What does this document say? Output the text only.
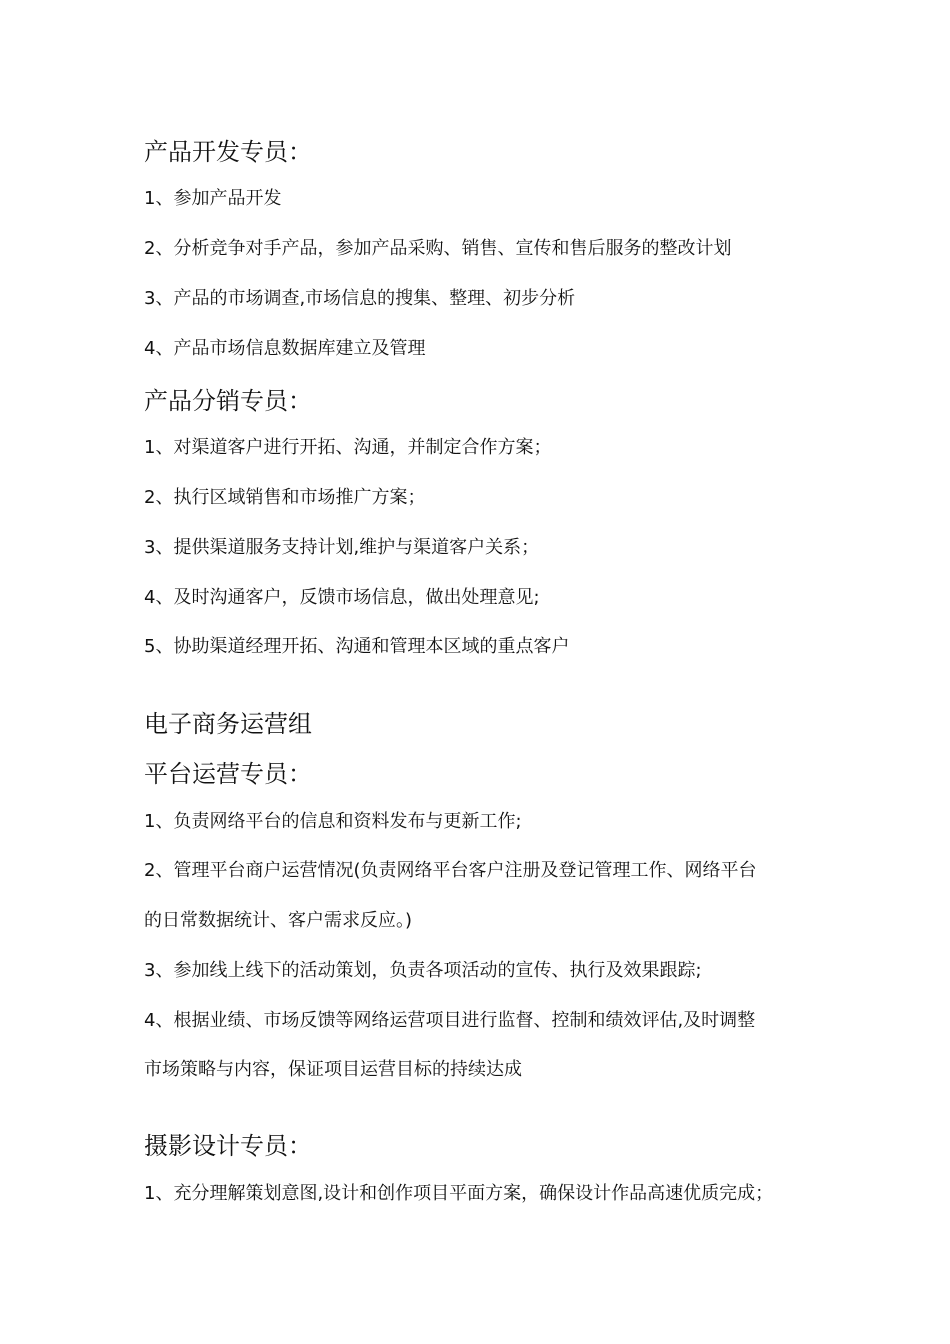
产品开发专员：
1、参加产品开发
2、分析竞争对手产品，参加产品采购、销售、宣传和售后服务的整改计划
3、产品的市场调查,市场信息的搜集、整理、初步分析
4、产品市场信息数据库建立及管理
产品分销专员：
1、对渠道客户进行开拓、沟通，并制定合作方案；
2、执行区域销售和市场推广方案；
3、提供渠道服务支持计划,维护与渠道客户关系；
4、及时沟通客户，反馈市场信息，做出处理意见;
5、协助渠道经理开拓、沟通和管理本区域的重点客户
电子商务运营组
平台运营专员：
1、负责网络平台的信息和资料发布与更新工作;
2、管理平台商户运营情况(负责网络平台客户注册及登记管理工作、网络平台
的日常数据统计、客户需求反应。)
3、参加线上线下的活动策划，负责各项活动的宣传、执行及效果跟踪;
4、根据业绩、市场反馈等网络运营项目进行监督、控制和绩效评估,及时调整
市场策略与内容，保证项目运营目标的持续达成
摄影设计专员：
1、充分理解策划意图,设计和创作项目平面方案，确保设计作品高速优质完成；
